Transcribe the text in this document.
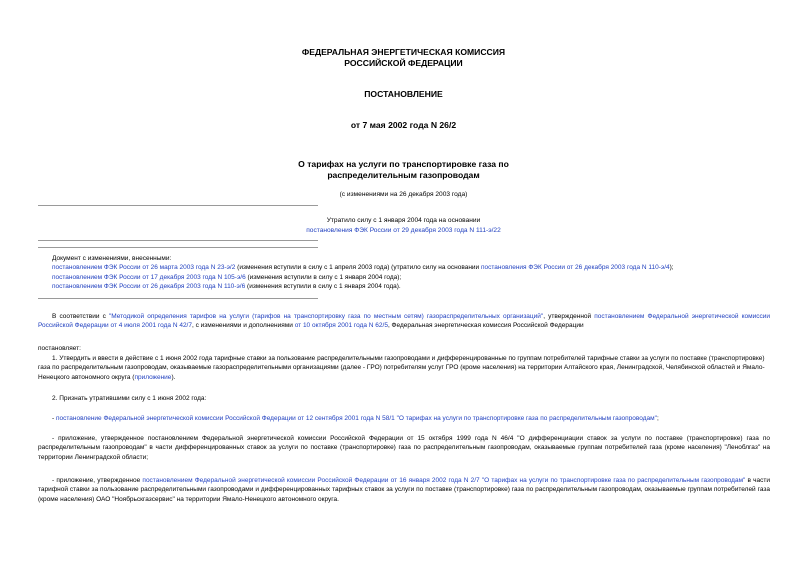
ФЕДЕРАЛЬНАЯ ЭНЕРГЕТИЧЕСКАЯ КОМИССИЯ
РОССИЙСКОЙ ФЕДЕРАЦИИ
ПОСТАНОВЛЕНИЕ
от 7 мая 2002 года N 26/2
О тарифах на услуги по транспортировке газа по
распределительным газопроводам
(с изменениями на 26 декабря 2003 года)
Утратило силу с 1 января 2004 года на основании
постановления ФЭК России от 29 декабря 2003 года N 111-э/22
Документ с изменениями, внесенными:
постановлением ФЭК России от 26 марта 2003 года N 23-э/2 (изменения вступили в силу с 1 апреля 2003 года) (утратило силу на основании постановления ФЭК России от 26 декабря 2003 года N 110-э/4);
постановлением ФЭК России от 17 декабря 2003 года N 105-э/6 (изменения вступили в силу с 1 января 2004 года);
постановлением ФЭК России от 26 декабря 2003 года N 110-э/6 (изменения вступили в силу с 1 января 2004 года).
В соответствии с "Методикой определения тарифов на услуги (тарифов на транспортировку газа по местным сетям) газораспределительных организаций", утвержденной постановлением Федеральной энергетической комиссии Российской Федерации от 4 июля 2001 года N 42/7, с изменениями и дополнениями от 10 октября 2001 года N 62/5, Федеральная энергетическая комиссия Российской Федерации
постановляет:
1. Утвердить и ввести в действие с 1 июня 2002 года тарифные ставки за пользование распределительными газопроводами и дифференцированные по группам потребителей тарифные ставки за услуги по поставке (транспортировке) газа по распределительным газопроводам, оказываемые газораспределительными организациями (далее - ГРО) потребителям услуг ГРО (кроме населения) на территории Алтайского края, Ленинградской, Челябинской областей и Ямало-Ненецкого автономного округа (приложение).
2. Признать утратившими силу с 1 июня 2002 года:
- постановление Федеральной энергетической комиссии Российской Федерации от 12 сентября 2001 года N 58/1 "О тарифах на услуги по транспортировке газа по распределительным газопроводам";
- приложение, утвержденное постановлением Федеральной энергетической комиссии Российской Федерации от 15 октября 1999 года N 46/4 "О дифференциации ставок за услуги по поставке (транспортировке) газа по распределительным газопроводам" в части дифференцированных ставок за услуги по поставке (транспортировке) газа по распределительным газопроводам, оказываемые группам потребителей газа (кроме населения) "Леноблгаз" на территории Ленинградской области;
- приложение, утвержденное постановлением Федеральной энергетической комиссии Российской Федерации от 16 января 2002 года N 2/7 "О тарифах на услуги по транспортировке газа по распределительным газопроводам" в части тарифной ставки за пользование распределительными газопроводами и дифференцированных тарифных ставок за услуги по поставке (транспортировке) газа по распределительным газопроводам, оказываемые группам потребителей газа (кроме населения) ОАО "Ноябрьскгазсервис" на территории Ямало-Ненецкого автономного округа.
